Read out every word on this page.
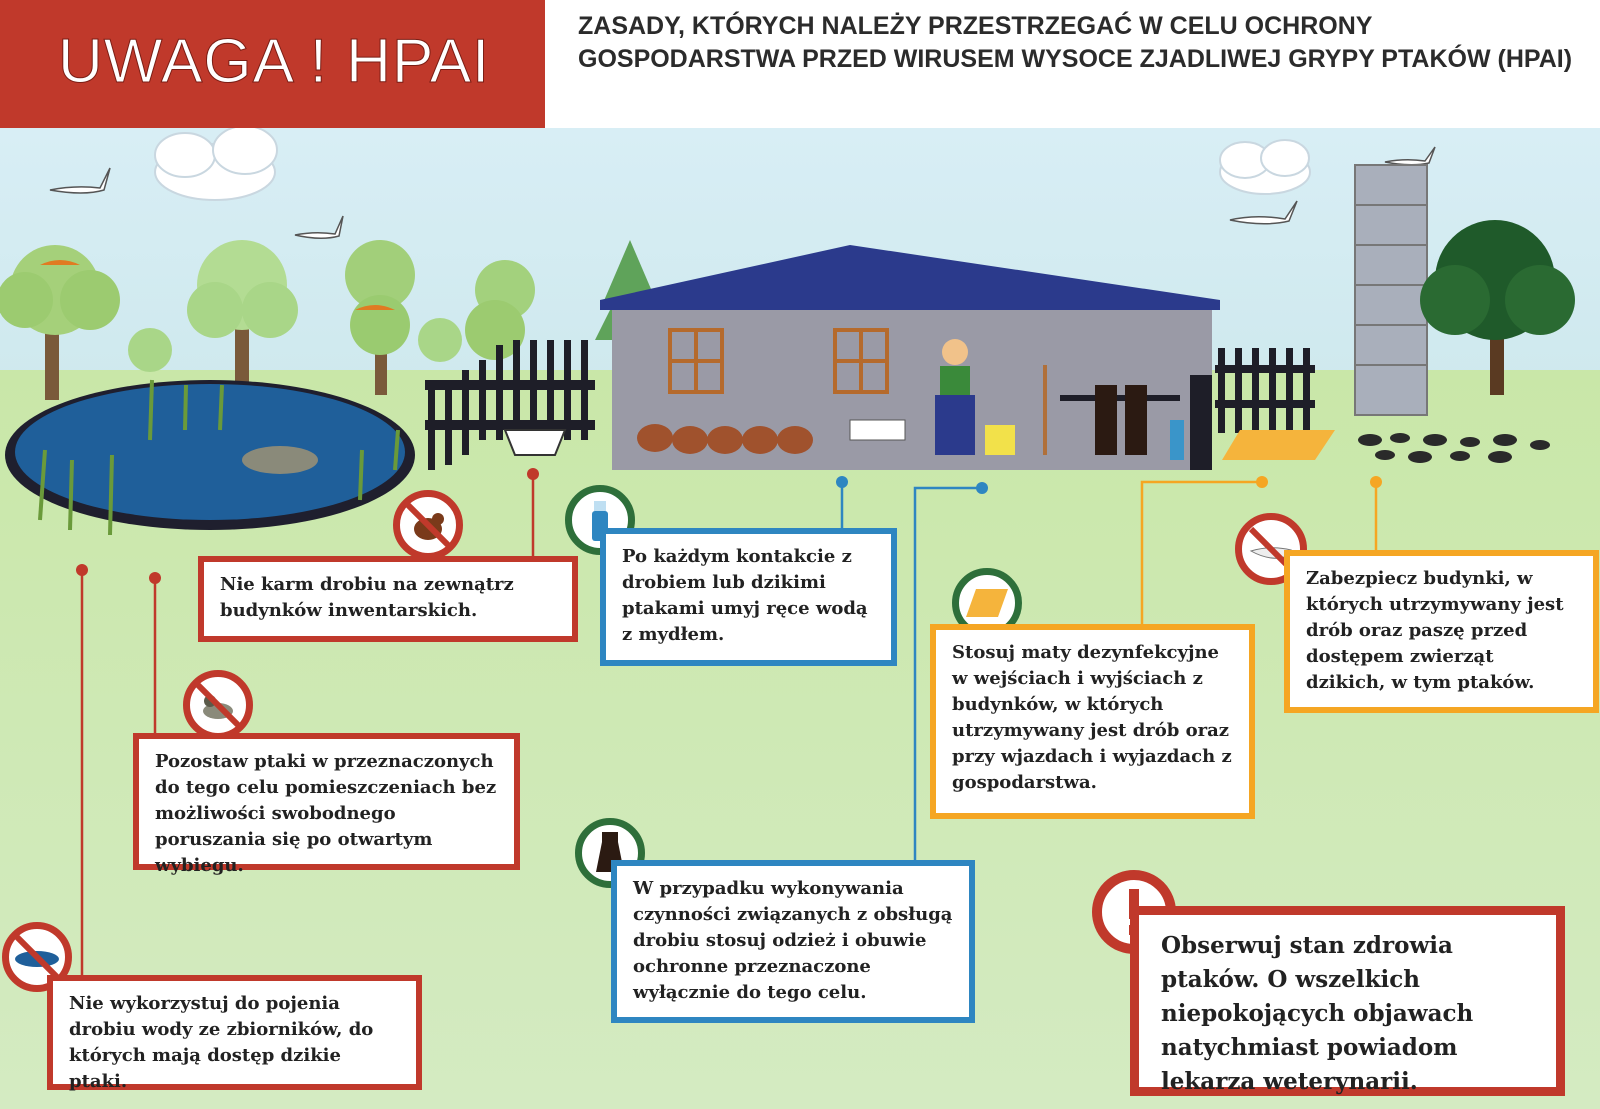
UWAGA ! HPAI
ZASADY, KTÓRYCH NALEŻY PRZESTRZEGAĆ W CELU OCHRONY GOSPODARSTWA PRZED WIRUSEM WYSOCE ZJADLIWEJ GRYPY PTAKÓW (HPAI)
Nie karm drobiu na zewnątrz budynków inwentarskich.
Po każdym kontakcie z drobiem lub dzikimi ptakami umyj ręce wodą z mydłem.
Stosuj maty dezynfekcyjne w wejściach i wyjściach z budynków, w których utrzymywany jest drób oraz przy wjazdach i wyjazdach z gospodarstwa.
Zabezpiecz budynki, w których utrzymywany jest drób oraz paszę przed dostępem zwierząt dzikich, w tym ptaków.
Pozostaw ptaki w przeznaczonych do tego celu pomieszczeniach bez możliwości swobodnego poruszania się po otwartym wybiegu.
W przypadku wykonywania czynności związanych z obsługą drobiu stosuj odzież i obuwie ochronne przeznaczone wyłącznie do tego celu.
Nie wykorzystuj do pojenia drobiu wody ze zbiorników, do których mają dostęp dzikie ptaki.
Obserwuj stan zdrowia ptaków. O wszelkich niepokojących objawach natychmiast powiadom lekarza weterynarii.
